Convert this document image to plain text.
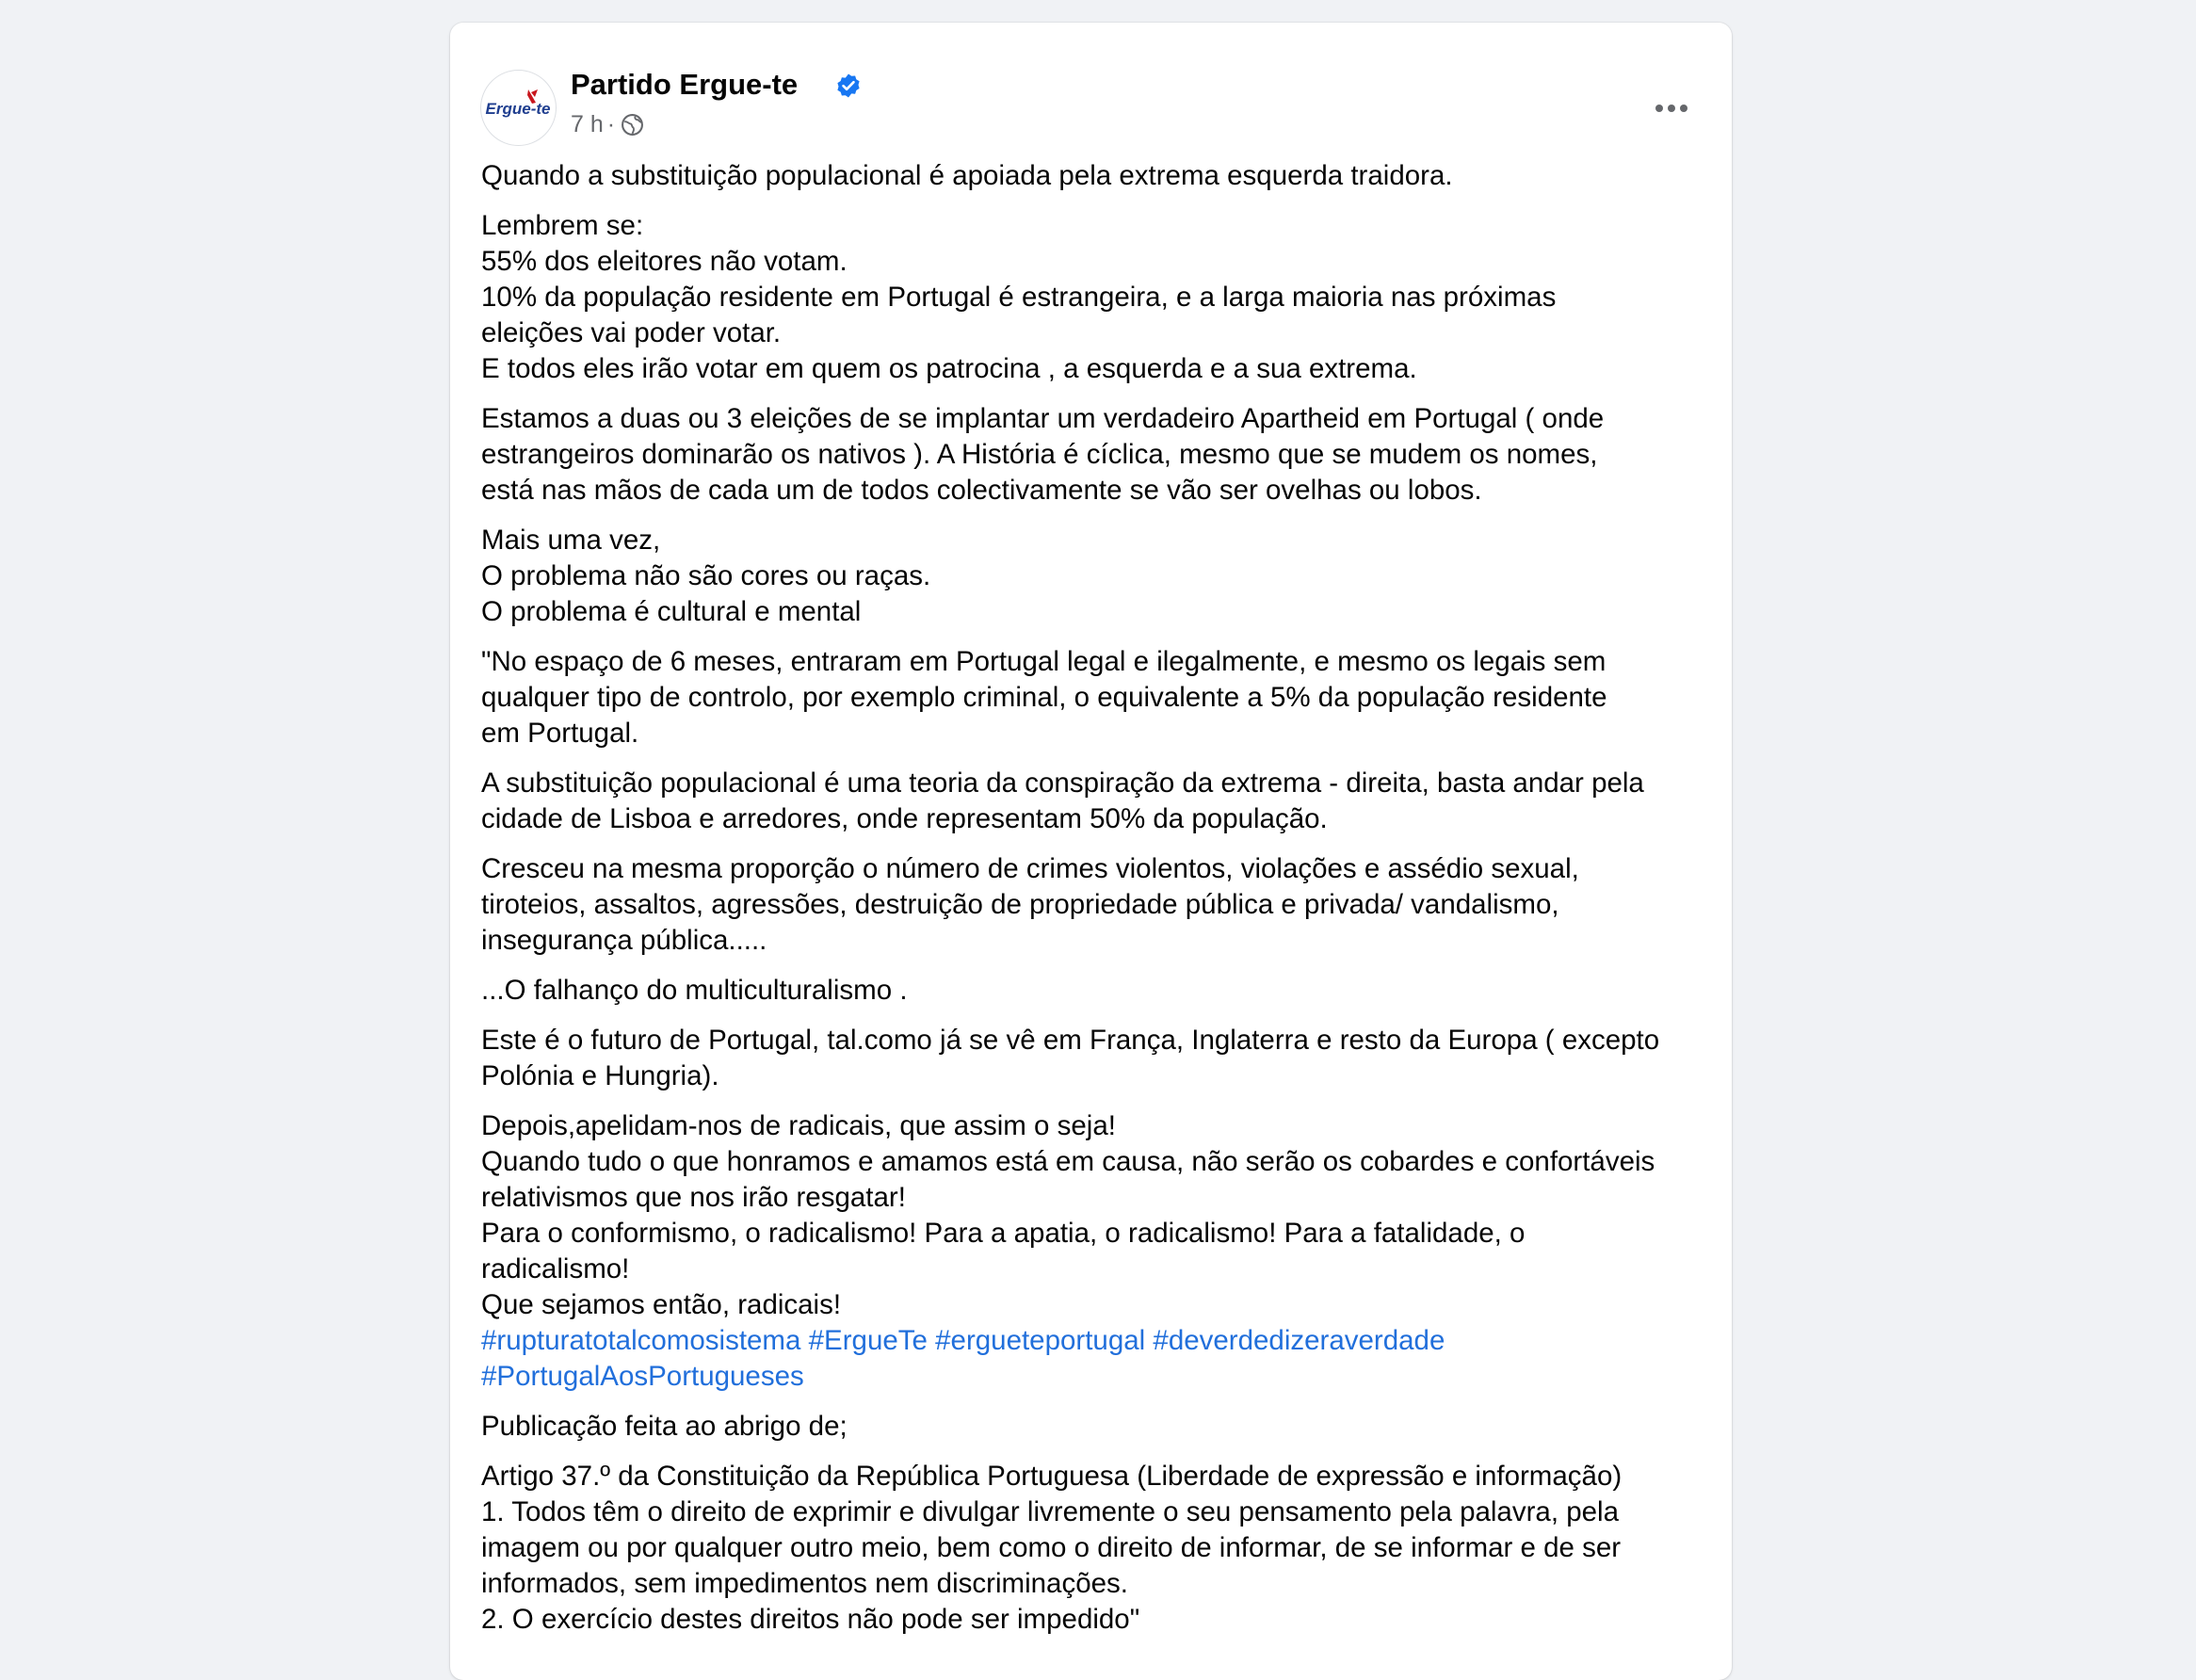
Ergue-te
Partido Ergue-te
7 h ·

Quando a substituição populacional é apoiada pela extrema esquerda traidora.

Lembrem se:
55% dos eleitores não votam.
10% da população residente em Portugal é estrangeira, e a larga maioria nas próximas
eleições vai poder votar.
E todos eles irão votar em quem os patrocina , a esquerda e a sua extrema.

Estamos a duas ou 3 eleições de se implantar um verdadeiro Apartheid em Portugal ( onde
estrangeiros dominarão os nativos ). A História é cíclica, mesmo que se mudem os nomes,
está nas mãos de cada um de todos colectivamente se vão ser ovelhas ou lobos.

Mais uma vez,
O problema não são cores ou raças.
O problema é cultural e mental

"No espaço de 6 meses, entraram em Portugal legal e ilegalmente, e mesmo os legais sem
qualquer tipo de controlo, por exemplo criminal, o equivalente a 5% da população residente
em Portugal.

A substituição populacional é uma teoria da conspiração da extrema - direita, basta andar pela
cidade de Lisboa e arredores, onde representam 50% da população.

Cresceu na mesma proporção o número de crimes violentos, violações e assédio sexual,
tiroteios, assaltos, agressões, destruição de propriedade pública e privada/ vandalismo,
insegurança pública.....

...O falhanço do multiculturalismo .

Este é o futuro de Portugal, tal.como já se vê em França, Inglaterra e resto da Europa ( excepto
Polónia e Hungria).

Depois,apelidam-nos de radicais, que assim o seja!
Quando tudo o que honramos e amamos está em causa, não serão os cobardes e confortáveis
relativismos que nos irão resgatar!
Para o conformismo, o radicalismo! Para a apatia, o radicalismo! Para a fatalidade, o
radicalismo!
Que sejamos então, radicais!
#rupturatotalcomosistema #ErgueTe #ergueteportugal #deverdedizeraverdade
#PortugalAosPortugueses

Publicação feita ao abrigo de;

Artigo 37.º da Constituição da República Portuguesa (Liberdade de expressão e informação)
1. Todos têm o direito de exprimir e divulgar livremente o seu pensamento pela palavra, pela
imagem ou por qualquer outro meio, bem como o direito de informar, de se informar e de ser
informados, sem impedimentos nem discriminações.
2. O exercício destes direitos não pode ser impedido"
